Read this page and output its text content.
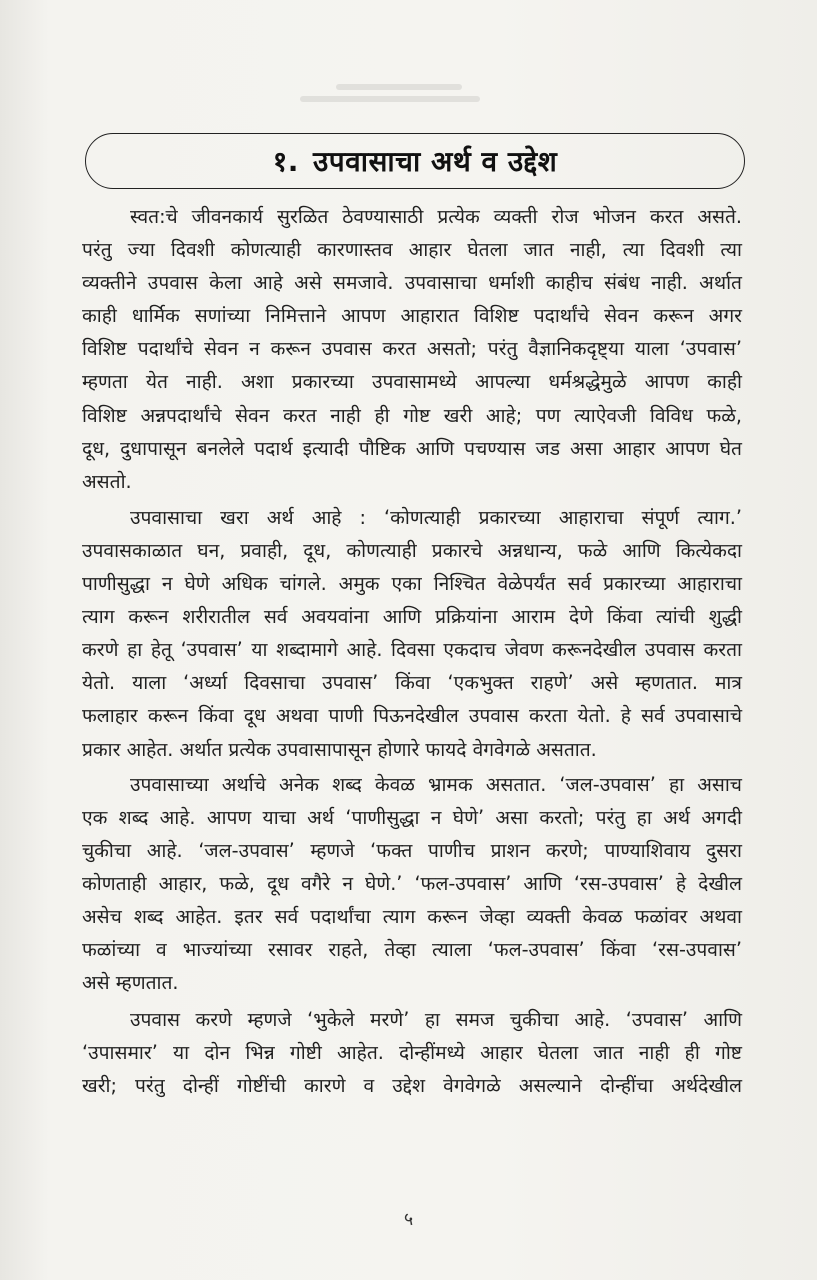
१. उपवासाचा अर्थ व उद्देश

स्वत:चे जीवनकार्य सुरळित ठेवण्यासाठी प्रत्येक व्यक्ती रोज भोजन करत असते.
परंतु ज्या दिवशी कोणत्याही कारणास्तव आहार घेतला जात नाही, त्या दिवशी त्या
व्यक्तीने उपवास केला आहे असे समजावे. उपवासाचा धर्माशी काहीच संबंध नाही. अर्थात
काही धार्मिक सणांच्या निमित्ताने आपण आहारात विशिष्ट पदार्थांचे सेवन करून अगर
विशिष्ट पदार्थांचे सेवन न करून उपवास करत असतो; परंतु वैज्ञानिकदृष्ट्या याला ‘उपवास’
म्हणता येत नाही. अशा प्रकारच्या उपवासामध्ये आपल्या धर्मश्रद्धेमुळे आपण काही
विशिष्ट अन्नपदार्थांचे सेवन करत नाही ही गोष्ट खरी आहे; पण त्याऐवजी विविध फळे,
दूध, दुधापासून बनलेले पदार्थ इत्यादी पौष्टिक आणि पचण्यास जड असा आहार आपण घेत
असतो.

उपवासाचा खरा अर्थ आहे : ‘कोणत्याही प्रकारच्या आहाराचा संपूर्ण त्याग.’
उपवासकाळात घन, प्रवाही, दूध, कोणत्याही प्रकारचे अन्नधान्य, फळे आणि कित्येकदा
पाणीसुद्धा न घेणे अधिक चांगले. अमुक एका निश्चित वेळेपर्यंत सर्व प्रकारच्या आहाराचा
त्याग करून शरीरातील सर्व अवयवांना आणि प्रक्रियांना आराम देणे किंवा त्यांची शुद्धी
करणे हा हेतू ‘उपवास’ या शब्दामागे आहे. दिवसा एकदाच जेवण करूनदेखील उपवास करता
येतो. याला ‘अर्ध्या दिवसाचा उपवास’ किंवा ‘एकभुक्त राहणे’ असे म्हणतात. मात्र
फलाहार करून किंवा दूध अथवा पाणी पिऊनदेखील उपवास करता येतो. हे सर्व उपवासाचे
प्रकार आहेत. अर्थात प्रत्येक उपवासापासून होणारे फायदे वेगवेगळे असतात.

उपवासाच्या अर्थाचे अनेक शब्द केवळ भ्रामक असतात. ‘जल-उपवास’ हा असाच
एक शब्द आहे. आपण याचा अर्थ ‘पाणीसुद्धा न घेणे’ असा करतो; परंतु हा अर्थ अगदी
चुकीचा आहे. ‘जल-उपवास’ म्हणजे ‘फक्त पाणीच प्राशन करणे; पाण्याशिवाय दुसरा
कोणताही आहार, फळे, दूध वगैरे न घेणे.’ ‘फल-उपवास’ आणि ‘रस-उपवास’ हे देखील
असेच शब्द आहेत. इतर सर्व पदार्थांचा त्याग करून जेव्हा व्यक्ती केवळ फळांवर अथवा
फळांच्या व भाज्यांच्या रसावर राहते, तेव्हा त्याला ‘फल-उपवास’ किंवा ‘रस-उपवास’
असे म्हणतात.

उपवास करणे म्हणजे ‘भुकेले मरणे’ हा समज चुकीचा आहे. ‘उपवास’ आणि
‘उपासमार’ या दोन भिन्न गोष्टी आहेत. दोन्हींमध्ये आहार घेतला जात नाही ही गोष्ट
खरी; परंतु दोन्हीं गोष्टींची कारणे व उद्देश वेगवेगळे असल्याने दोन्हींचा अर्थदेखील

५
